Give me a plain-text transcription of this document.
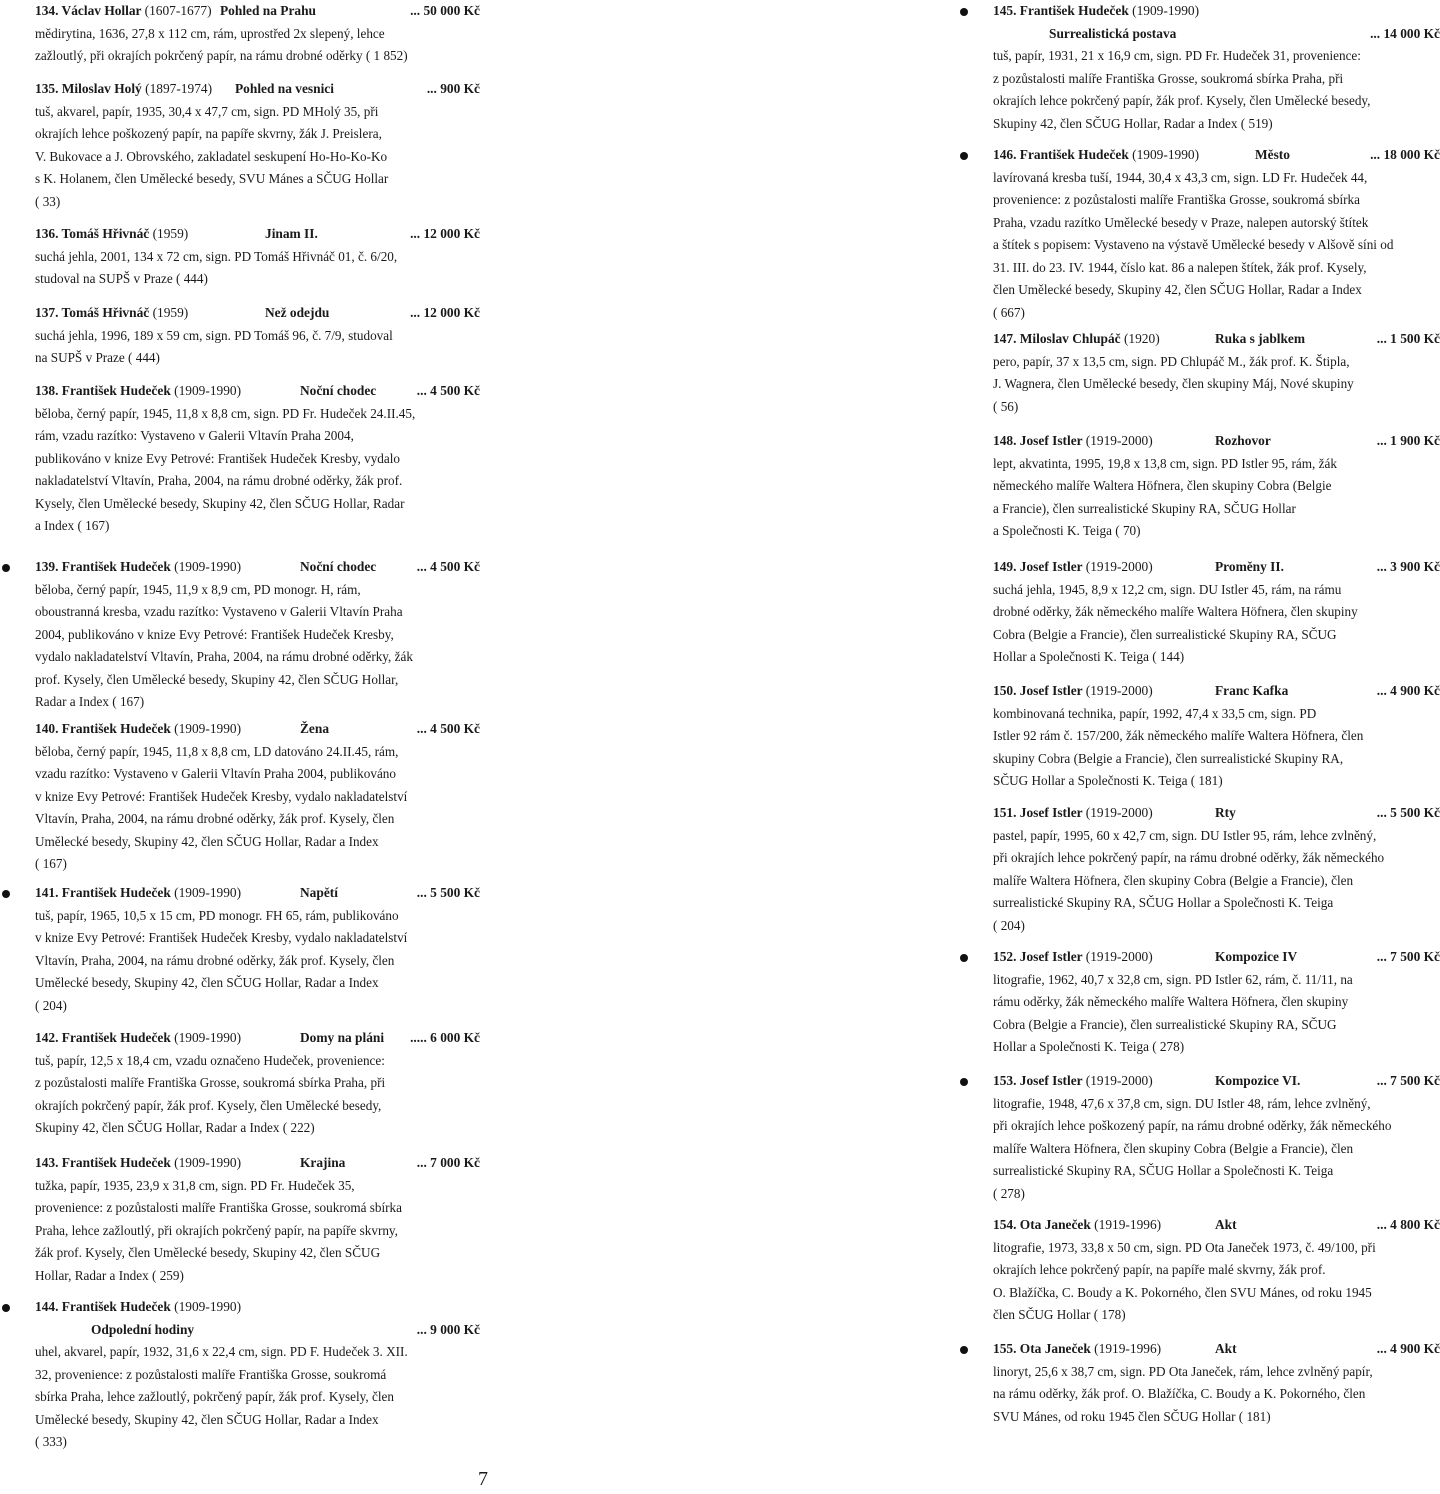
134. Václav Hollar (1607-1677) Pohled na Prahu	... 50 000 Kč
mědirytina, 1636, 27,8 x 112 cm, rám, uprostřed 2x slepený, lehce
zažloutlý, při okrajích pokrčený papír, na rámu drobné oděrky ( 1 852)
135. Miloslav Holý (1897-1974) Pohled na vesnici	... 900 Kč
tuš, akvarel, papír, 1935, 30,4 x 47,7 cm, sign. PD MHolý 35, při
okrajích lehce poškozený papír, na papíře skvrny, žák J. Preislera,
V. Bukovace a J. Obrovského, zakladatel seskupení Ho-Ho-Ko-Ko
s K. Holanem, člen Umělecké besedy, SVU Mánes a SČUG Hollar
( 33)
136. Tomáš Hřivnáč (1959)	Jinam II.	... 12 000 Kč
suchá jehla, 2001, 134 x 72 cm, sign. PD Tomáš Hřivnáč 01, č. 6/20,
studoval na SUPŠ v Praze ( 444)
137. Tomáš Hřivnáč (1959)	Než odejdu	... 12 000 Kč
suchá jehla, 1996, 189 x 59 cm, sign. PD Tomáš 96, č. 7/9, studoval
na SUPŠ v Praze ( 444)
138. František Hudeček (1909-1990)	Noční chodec	... 4 500 Kč
běloba, černý papír, 1945, 11,8 x 8,8 cm, sign. PD Fr. Hudeček 24.II.45,
rám, vzadu razítko: Vystaveno v Galerii Vltavín Praha 2004,
publikováno v knize Evy Petrové: František Hudeček Kresby, vydalo
nakladatelství Vltavín, Praha, 2004, na rámu drobné oděrky, žák prof.
Kysely, člen Umělecké besedy, Skupiny 42, člen SČUG Hollar, Radar
a Index ( 167)
139. František Hudeček (1909-1990)	Noční chodec	... 4 500 Kč
běloba, černý papír, 1945, 11,9 x 8,9 cm, PD monogr. H, rám,
oboustranná kresba, vzadu razítko: Vystaveno v Galerii Vltavín Praha
2004, publikováno v knize Evy Petrové: František Hudeček Kresby,
vydalo nakladatelství Vltavín, Praha, 2004, na rámu drobné oděrky, žák
prof. Kysely, člen Umělecké besedy, Skupiny 42, člen SČUG Hollar,
Radar a Index ( 167)
140. František Hudeček (1909-1990)	Žena	... 4 500 Kč
běloba, černý papír, 1945, 11,8 x 8,8 cm, LD datováno 24.II.45, rám,
vzadu razítko: Vystaveno v Galerii Vltavín Praha 2004, publikováno
v knize Evy Petrové: František Hudeček Kresby, vydalo nakladatelství
Vltavín, Praha, 2004, na rámu drobné oděrky, žák prof. Kysely, člen
Umělecké besedy, Skupiny 42, člen SČUG Hollar, Radar a Index
( 167)
141. František Hudeček (1909-1990)	Napětí	... 5 500 Kč
tuš, papír, 1965, 10,5 x 15 cm, PD monogr. FH 65, rám, publikováno
v knize Evy Petrové: František Hudeček Kresby, vydalo nakladatelství
Vltavín, Praha, 2004, na rámu drobné oděrky, žák prof. Kysely, člen
Umělecké besedy, Skupiny 42, člen SČUG Hollar, Radar a Index
( 204)
142. František Hudeček (1909-1990)	Domy na pláni ..... 6 000 Kč
tuš, papír, 12,5 x 18,4 cm, vzadu označeno Hudeček, provenience:
z pozůstalosti malíře Františka Grosse, soukromá sbírka Praha, při
okrajích pokrčený papír, žák prof. Kysely, člen Umělecké besedy,
Skupiny 42, člen SČUG Hollar, Radar a Index ( 222)
143. František Hudeček (1909-1990)	Krajina	... 7 000 Kč
tužka, papír, 1935, 23,9 x 31,8 cm, sign. PD Fr. Hudeček 35,
provenience: z pozůstalosti malíře Františka Grosse, soukromá sbírka
Praha, lehce zažloutlý, při okrajích pokrčený papír, na papíře skvrny,
žák prof. Kysely, člen Umělecké besedy, Skupiny 42, člen SČUG
Hollar, Radar a Index ( 259)
144. František Hudeček (1909-1990)
Odpolední hodiny	... 9 000 Kč
uhel, akvarel, papír, 1932, 31,6 x 22,4 cm, sign. PD F. Hudeček 3. XII.
32, provenience: z pozůstalosti malíře Františka Grosse, soukromá
sbírka Praha, lehce zažloutlý, pokrčený papír, žák prof. Kysely, člen
Umělecké besedy, Skupiny 42, člen SČUG Hollar, Radar a Index
( 333)
145. František Hudeček (1909-1990)
Surrealistická postava	... 14 000 Kč
tuš, papír, 1931, 21 x 16,9 cm, sign. PD Fr. Hudeček 31, provenience:
z pozůstalosti malíře Františka Grosse, soukromá sbírka Praha, při
okrajích lehce pokrčený papír, žák prof. Kysely, člen Umělecké besedy,
Skupiny 42, člen SČUG Hollar, Radar a Index ( 519)
146. František Hudeček (1909-1990)	Město	... 18 000 Kč
lavírovaná kresba tuší, 1944, 30,4 x 43,3 cm, sign. LD Fr. Hudeček 44,
provenience: z pozůstalosti malíře Františka Grosse, soukromá sbírka
Praha, vzadu razítko Umělecké besedy v Praze, nalepen autorský štítek
a štítek s popisem: Vystaveno na výstavě Umělecké besedy v Alšově síni od
31. III. do 23. IV. 1944, číslo kat. 86 a nalepen štítek, žák prof. Kysely,
člen Umělecké besedy, Skupiny 42, člen SČUG Hollar, Radar a Index
( 667)
147. Miloslav Chlupáč (1920)	Ruka s jablkem	... 1 500 Kč
pero, papír, 37 x 13,5 cm, sign. PD Chlupáč M., žák prof. K. Štipla,
J. Wagnera, člen Umělecké besedy, člen skupiny Máj, Nové skupiny
( 56)
148. Josef Istler (1919-2000)	Rozhovor	... 1 900 Kč
lept, akvatinta, 1995, 19,8 x 13,8 cm, sign. PD Istler 95, rám, žák
německého malíře Waltera Höfnera, člen skupiny Cobra (Belgie
a Francie), člen surrealistické Skupiny RA, SČUG Hollar
a Společnosti K. Teiga ( 70)
149. Josef Istler (1919-2000)	Proměny II.	... 3 900 Kč
suchá jehla, 1945, 8,9 x 12,2 cm, sign. DU Istler 45, rám, na rámu
drobné oděrky, žák německého malíře Waltera Höfnera, člen skupiny
Cobra (Belgie a Francie), člen surrealistické Skupiny RA, SČUG
Hollar a Společnosti K. Teiga ( 144)
150. Josef Istler (1919-2000)	Franc Kafka	... 4 900 Kč
kombinovaná technika, papír, 1992, 47,4 x 33,5 cm, sign. PD
Istler 92 rám č. 157/200, žák německého malíře Waltera Höfnera, člen
skupiny Cobra (Belgie a Francie), člen surrealistické Skupiny RA,
SČUG Hollar a Společnosti K. Teiga ( 181)
151. Josef Istler (1919-2000)	Rty	... 5 500 Kč
pastel, papír, 1995, 60 x 42,7 cm, sign. DU Istler 95, rám, lehce zvlněný,
při okrajích lehce pokrčený papír, na rámu drobné oděrky, žák německého
malíře Waltera Höfnera, člen skupiny Cobra (Belgie a Francie), člen
surrealistické Skupiny RA, SČUG Hollar a Společnosti K. Teiga
( 204)
152. Josef Istler (1919-2000)	Kompozice IV	... 7 500 Kč
litografie, 1962, 40,7 x 32,8 cm, sign. PD Istler 62, rám, č. 11/11, na
rámu oděrky, žák německého malíře Waltera Höfnera, člen skupiny
Cobra (Belgie a Francie), člen surrealistické Skupiny RA, SČUG
Hollar a Společnosti K. Teiga ( 278)
153. Josef Istler (1919-2000)	Kompozice VI.	... 7 500 Kč
litografie, 1948, 47,6 x 37,8 cm, sign. DU Istler 48, rám, lehce zvlněný,
při okrajích lehce poškozený papír, na rámu drobné oděrky, žák německého
malíře Waltera Höfnera, člen skupiny Cobra (Belgie a Francie), člen
surrealistické Skupiny RA, SČUG Hollar a Společnosti K. Teiga
( 278)
154. Ota Janeček (1919-1996)	Akt	... 4 800 Kč
litografie, 1973, 33,8 x 50 cm, sign. PD Ota Janeček 1973, č. 49/100, při
okrajích lehce pokrčený papír, na papíře malé skvrny, žák prof.
O. Blažíčka, C. Boudy a K. Pokorného, člen SVU Mánes, od roku 1945
člen SČUG Hollar ( 178)
155. Ota Janeček (1919-1996)	Akt	... 4 900 Kč
linoryt, 25,6 x 38,7 cm, sign. PD Ota Janeček, rám, lehce zvlněný papír,
na rámu oděrky, žák prof. O. Blažíčka, C. Boudy a K. Pokorného, člen
SVU Mánes, od roku 1945 člen SČUG Hollar ( 181)
7
